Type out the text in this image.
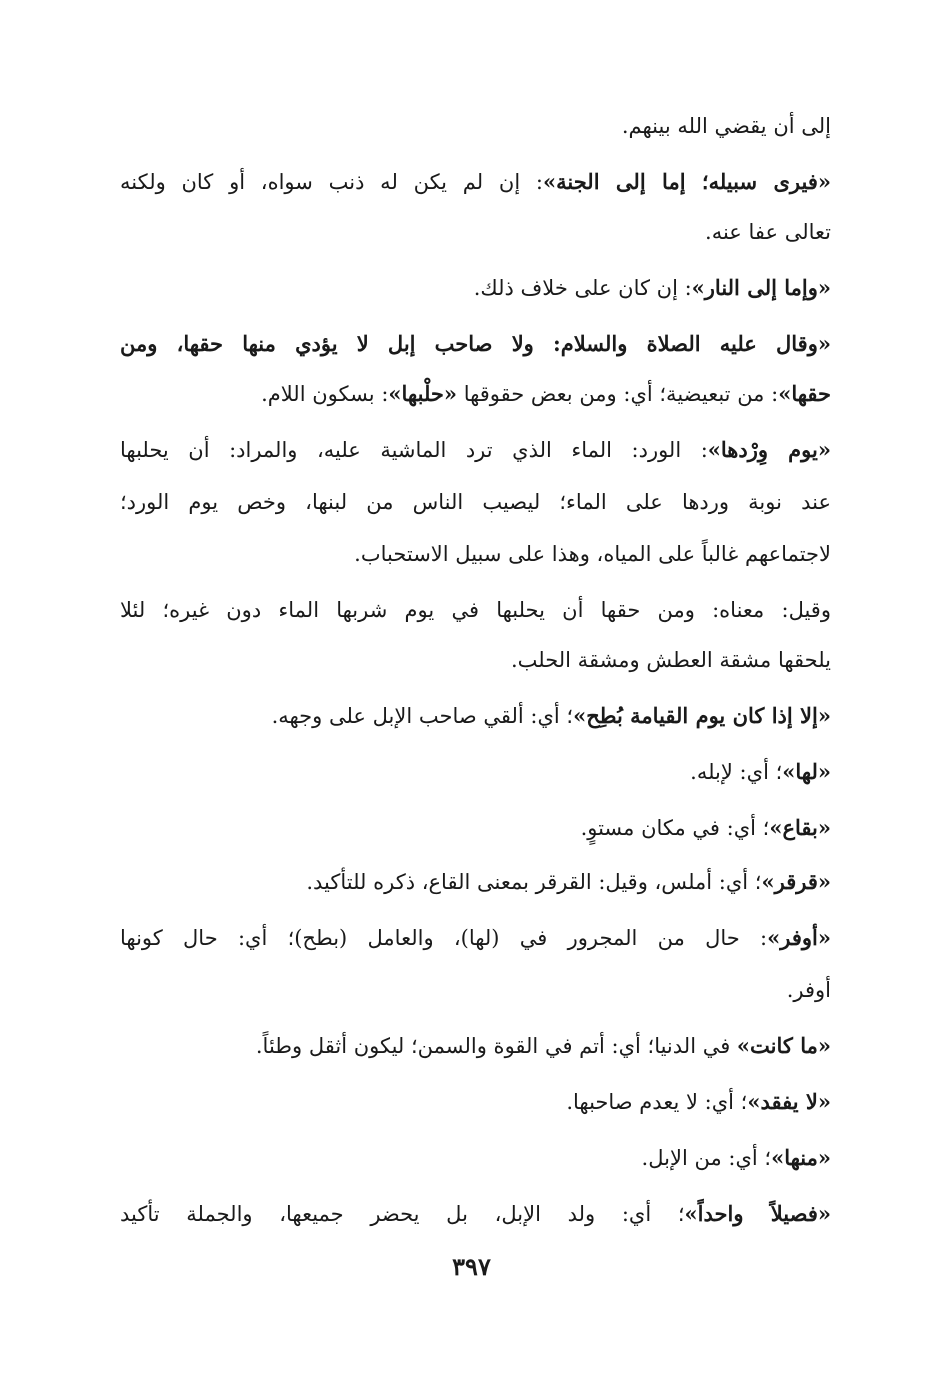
إلى أن يقضي الله بينهم.

«فيرى سبيله؛ إما إلى الجنة»: إن لم يكن له ذنب سواه، أو كان ولكنه

تعالى عفا عنه.

«وإما إلى النار»: إن كان على خلاف ذلك.

«وقال عليه الصلاة والسلام: ولا صاحب إبل لا يؤدي منها حقها، ومن

حقها»: من تبعيضية؛ أي: ومن بعض حقوقها «حلْبها»: بسكون اللام.

«يوم وِرْدها»: الورد: الماء الذي ترد الماشية عليه، والمراد: أن يحلبها

عند نوبة وردها على الماء؛ ليصيب الناس من لبنها، وخص يوم الورد؛

لاجتماعهم غالباً على المياه، وهذا على سبيل الاستحباب.

وقيل: معناه: ومن حقها أن يحلبها في يوم شربها الماء دون غيره؛ لئلا

يلحقها مشقة العطش ومشقة الحلب.

«إلا إذا كان يوم القيامة بُطِح»؛ أي: ألقي صاحب الإبل على وجهه.

«لها»؛ أي: لإبله.

«بقاع»؛ أي: في مكان مستوٍ.

«قرقر»؛ أي: أملس، وقيل: القرقر بمعنى القاع، ذكره للتأكيد.

«أوفر»: حال من المجرور في (لها)، والعامل (بطح)؛ أي: حال كونها

أوفر.

«ما كانت» في الدنيا؛ أي: أتم في القوة والسمن؛ ليكون أثقل وطئاً.

«لا يفقد»؛ أي: لا يعدم صاحبها.

«منها»؛ أي: من الإبل.

«فصيلاً واحداً»؛ أي: ولد الإبل، بل يحضر جميعها، والجملة تأكيد

٣٩٧
